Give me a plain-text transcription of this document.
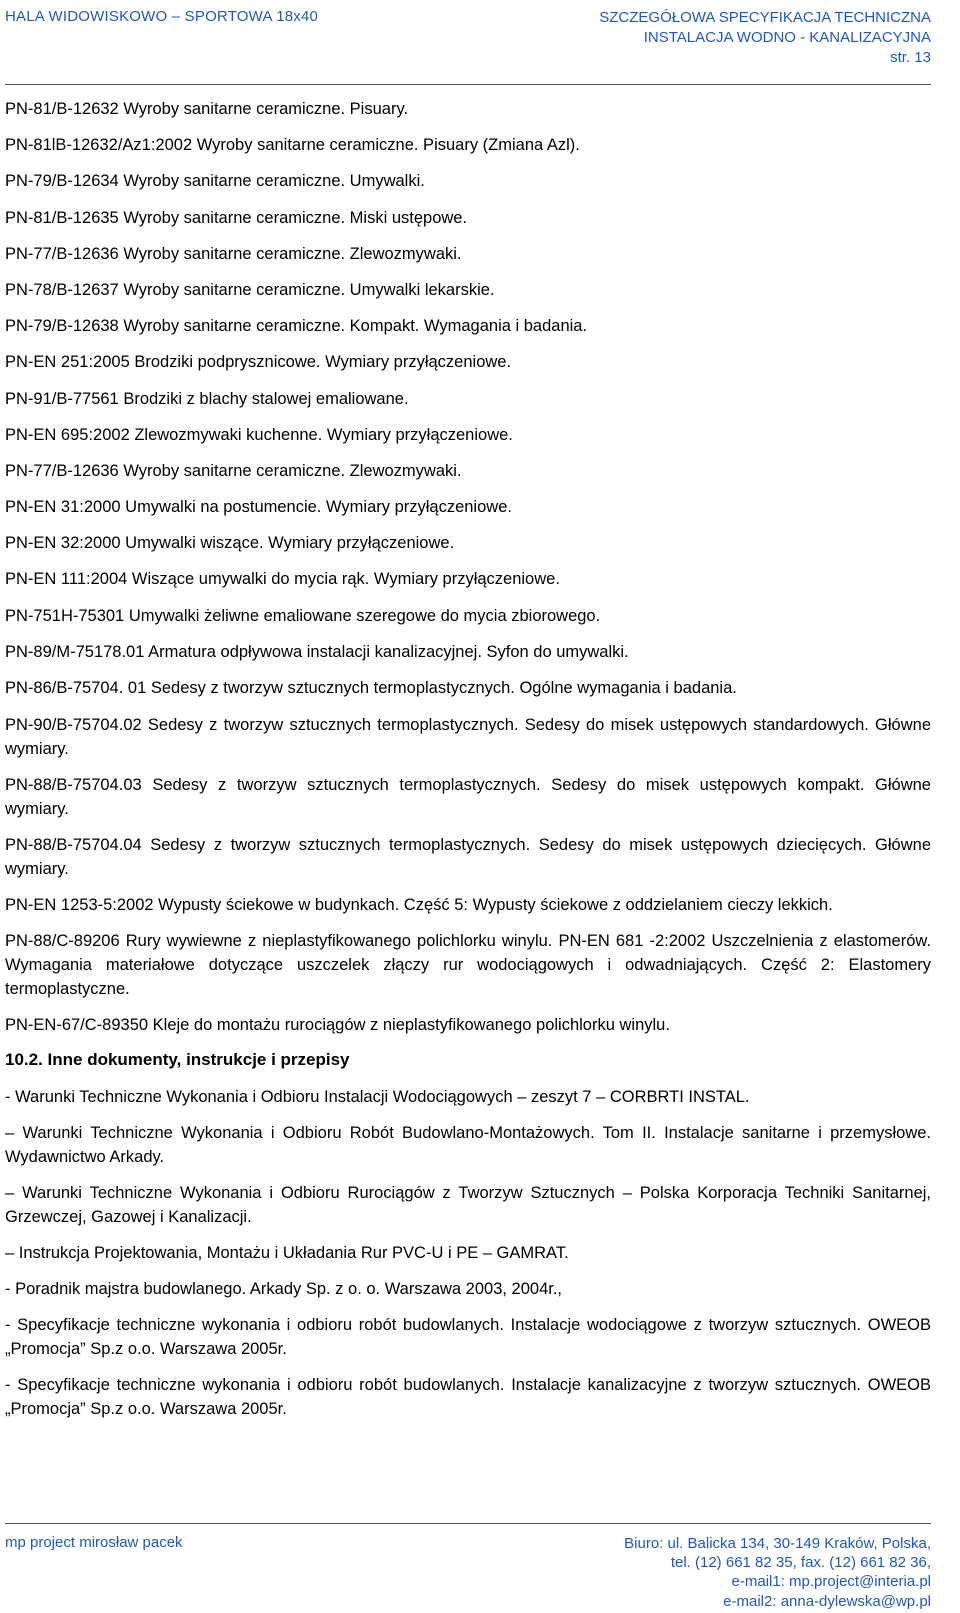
HALA WIDOWISKOWO – SPORTOWA 18x40	SZCZEGÓŁOWA SPECYFIKACJA TECHNICZNA
INSTALACJA WODNO - KANALIZACYJNA
str. 13
PN-81/B-12632 Wyroby sanitarne ceramiczne. Pisuary.
PN-81lB-12632/Az1:2002 Wyroby sanitarne ceramiczne. Pisuary (Zmiana Azl).
PN-79/B-12634 Wyroby sanitarne ceramiczne. Umywalki.
PN-81/B-12635 Wyroby sanitarne ceramiczne. Miski ustępowe.
PN-77/B-12636 Wyroby sanitarne ceramiczne. Zlewozmywaki.
PN-78/B-12637 Wyroby sanitarne ceramiczne. Umywalki lekarskie.
PN-79/B-12638 Wyroby sanitarne ceramiczne. Kompakt. Wymagania i badania.
PN-EN 251:2005 Brodziki podprysznicowe. Wymiary przyłączeniowe.
PN-91/B-77561 Brodziki z blachy stalowej emaliowane.
PN-EN 695:2002 Zlewozmywaki kuchenne. Wymiary przyłączeniowe.
PN-77/B-12636 Wyroby sanitarne ceramiczne. Zlewozmywaki.
PN-EN 31:2000 Umywalki na postumencie. Wymiary przyłączeniowe.
PN-EN 32:2000 Umywalki wiszące. Wymiary przyłączeniowe.
PN-EN 111:2004 Wiszące umywalki do mycia rąk. Wymiary przyłączeniowe.
PN-751H-75301 Umywalki żeliwne emaliowane szeregowe do mycia zbiorowego.
PN-89/M-75178.01 Armatura odpływowa instalacji kanalizacyjnej. Syfon do umywalki.
PN-86/B-75704. 01 Sedesy z tworzyw sztucznych termoplastycznych. Ogólne wymagania i badania.
PN-90/B-75704.02 Sedesy z tworzyw sztucznych termoplastycznych. Sedesy do misek ustępowych standardowych. Główne wymiary.
PN-88/B-75704.03 Sedesy z tworzyw sztucznych termoplastycznych. Sedesy do misek ustępowych kompakt. Główne wymiary.
PN-88/B-75704.04 Sedesy z tworzyw sztucznych termoplastycznych. Sedesy do misek ustępowych dziecięcych. Główne wymiary.
PN-EN 1253-5:2002 Wypusty ściekowe w budynkach. Część 5: Wypusty ściekowe z oddzielaniem cieczy lekkich.
PN-88/C-89206 Rury wywiewne z nieplastyfikowanego polichlorku winylu. PN-EN 681 -2:2002 Uszczelnienia z elastomerów. Wymagania materiałowe dotyczące uszczelek złączy rur wodociągowych i odwadniających. Część 2: Elastomery termoplastyczne.
PN-EN-67/C-89350 Kleje do montażu rurociągów z nieplastyfikowanego polichlorku winylu.
10.2. Inne dokumenty, instrukcje i przepisy
- Warunki Techniczne Wykonania i Odbioru Instalacji Wodociągowych – zeszyt 7 – CORBRTI INSTAL.
– Warunki Techniczne Wykonania i Odbioru Robót Budowlano-Montażowych. Tom II. Instalacje sanitarne i przemysłowe. Wydawnictwo Arkady.
– Warunki Techniczne Wykonania i Odbioru Rurociągów z Tworzyw Sztucznych – Polska Korporacja Techniki Sanitarnej, Grzewczej, Gazowej i Kanalizacji.
– Instrukcja Projektowania, Montażu i Układania Rur PVC-U i PE – GAMRAT.
- Poradnik majstra budowlanego. Arkady Sp. z o. o. Warszawa 2003, 2004r.,
- Specyfikacje techniczne wykonania i odbioru robót budowlanych. Instalacje wodociągowe z tworzyw sztucznych. OWEOB „Promocja” Sp.z o.o. Warszawa 2005r.
- Specyfikacje techniczne wykonania i odbioru robót budowlanych. Instalacje kanalizacyjne z tworzyw sztucznych. OWEOB „Promocja” Sp.z o.o. Warszawa 2005r.
mp project mirosław pacek	Biuro: ul. Balicka 134, 30-149 Kraków, Polska,
tel. (12) 661 82 35, fax. (12) 661 82 36,
e-mail1: mp.project@interia.pl
e-mail2: anna-dylewska@wp.pl
